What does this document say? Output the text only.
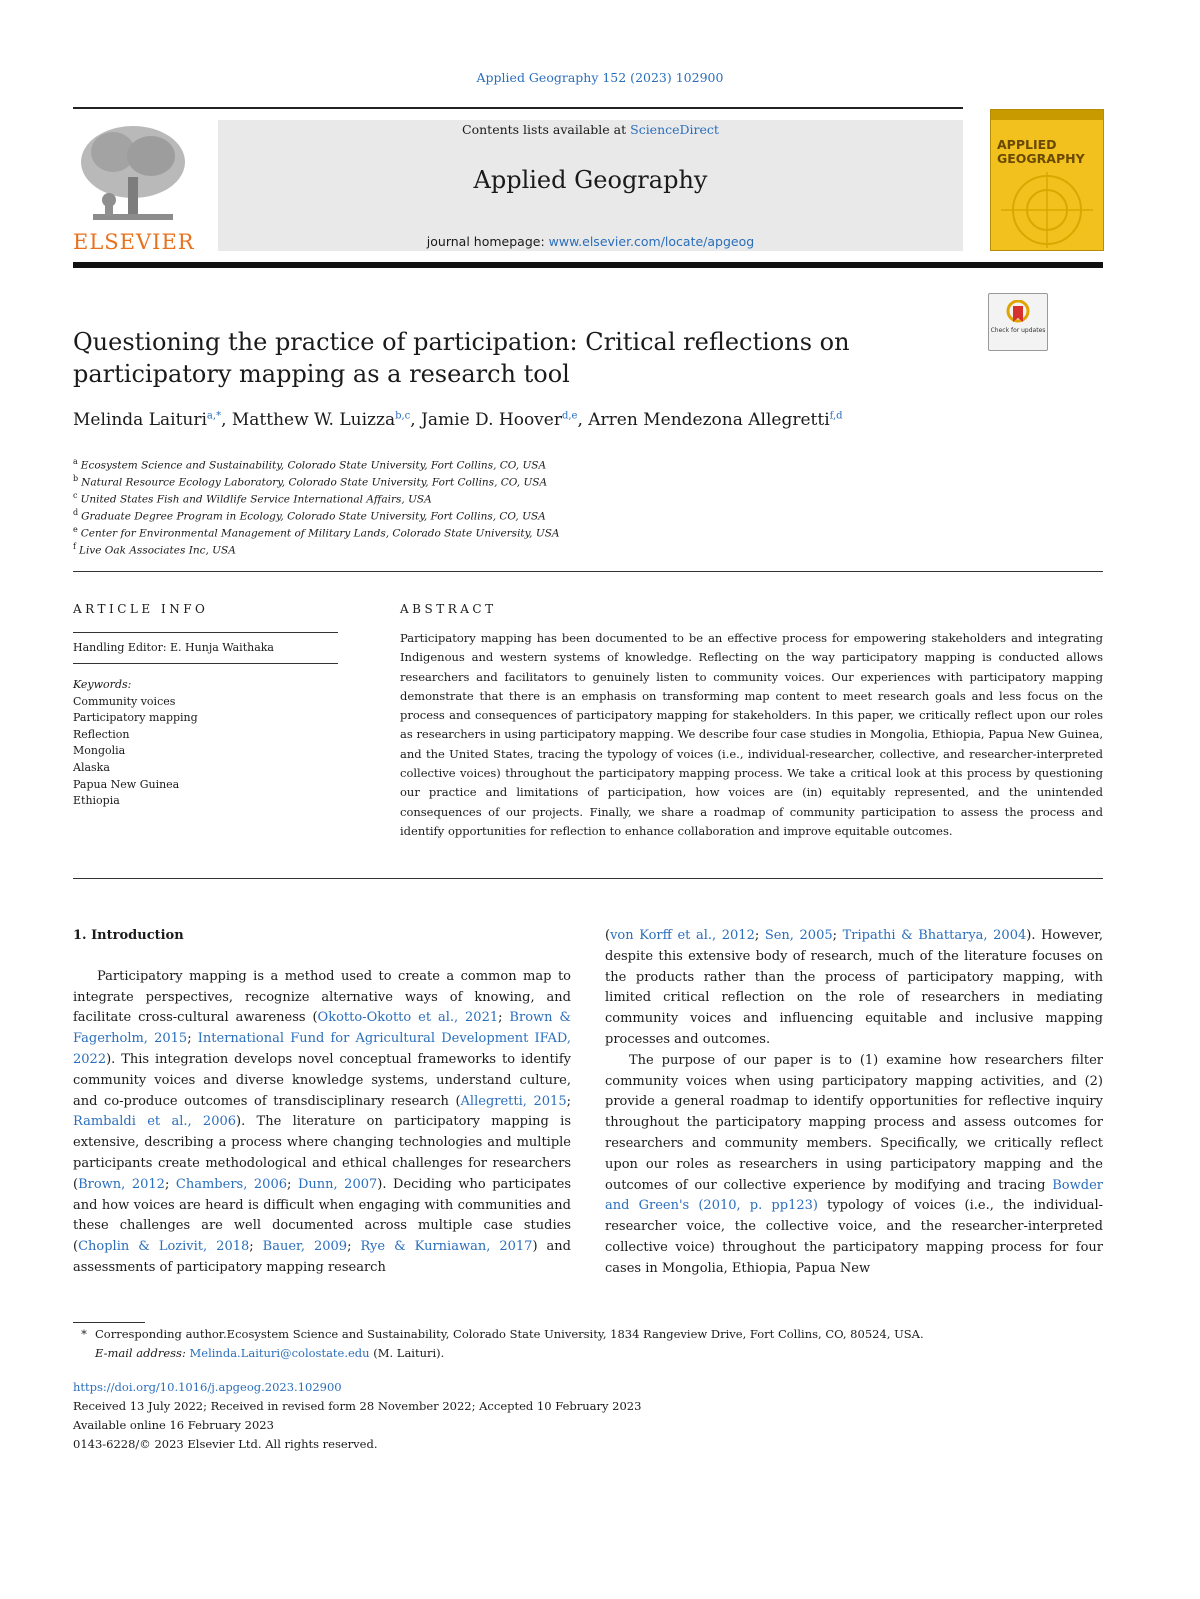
Applied Geography 152 (2023) 102900
ELSEVIER
Contents lists available at ScienceDirect
Applied Geography
journal homepage: www.elsevier.com/locate/apgeog
APPLIED
GEOGRAPHY
Check for updates
Questioning the practice of participation: Critical reflections on participatory mapping as a research tool
Melinda Laituri$^{a,*}$, Matthew W. Luizza$^{b,c}$, Jamie D. Hoover$^{d,e}$, Arren Mendezona Allegretti$^{f,d}$
$^a$ Ecosystem Science and Sustainability, Colorado State University, Fort Collins, CO, USA
$^b$ Natural Resource Ecology Laboratory, Colorado State University, Fort Collins, CO, USA
$^c$ United States Fish and Wildlife Service International Affairs, USA
$^d$ Graduate Degree Program in Ecology, Colorado State University, Fort Collins, CO, USA
$^e$ Center for Environmental Management of Military Lands, Colorado State University, USA
$^f$ Live Oak Associates Inc, USA
ARTICLE INFO
Handling Editor: E. Hunja Waithaka
Keywords:
Community voices
Participatory mapping
Reflection
Mongolia
Alaska
Papua New Guinea
Ethiopia
ABSTRACT
Participatory mapping has been documented to be an effective process for empowering stakeholders and integrating Indigenous and western systems of knowledge. Reflecting on the way participatory mapping is conducted allows researchers and facilitators to genuinely listen to community voices. Our experiences with participatory mapping demonstrate that there is an emphasis on transforming map content to meet research goals and less focus on the process and consequences of participatory mapping for stakeholders. In this paper, we critically reflect upon our roles as researchers in using participatory mapping. We describe four case studies in Mongolia, Ethiopia, Papua New Guinea, and the United States, tracing the typology of voices (i.e., individual-researcher, collective, and researcher-interpreted collective voices) throughout the participatory mapping process. We take a critical look at this process by questioning our practice and limitations of participation, how voices are (in) equitably represented, and the unintended consequences of our projects. Finally, we share a roadmap of community participation to assess the process and identify opportunities for reflection to enhance collaboration and improve equitable outcomes.
1. Introduction

Participatory mapping is a method used to create a common map to integrate perspectives, recognize alternative ways of knowing, and facilitate cross-cultural awareness (Okotto-Okotto et al., 2021; Brown & Fagerholm, 2015; International Fund for Agricultural Development IFAD, 2022). This integration develops novel conceptual frameworks to identify community voices and diverse knowledge systems, understand culture, and co-produce outcomes of transdisciplinary research (Allegretti, 2015; Rambaldi et al., 2006). The literature on participatory mapping is extensive, describing a process where changing technologies and multiple participants create methodological and ethical challenges for researchers (Brown, 2012; Chambers, 2006; Dunn, 2007). Deciding who participates and how voices are heard is difficult when engaging with communities and these challenges are well documented across multiple case studies (Choplin & Lozivit, 2018; Bauer, 2009; Rye & Kurniawan, 2017) and assessments of participatory mapping research

(von Korff et al., 2012; Sen, 2005; Tripathi & Bhattarya, 2004). However, despite this extensive body of research, much of the literature focuses on the products rather than the process of participatory mapping, with limited critical reflection on the role of researchers in mediating community voices and influencing equitable and inclusive mapping processes and outcomes.

The purpose of our paper is to (1) examine how researchers filter community voices when using participatory mapping activities, and (2) provide a general roadmap to identify opportunities for reflective inquiry throughout the participatory mapping process and assess outcomes for researchers and community members. Specifically, we critically reflect upon our roles as researchers in using participatory mapping and the outcomes of our collective experience by modifying and tracing Bowder and Green's (2010, p. pp123) typology of voices (i.e., the individual-researcher voice, the collective voice, and the researcher-interpreted collective voice) throughout the participatory mapping process for four cases in Mongolia, Ethiopia, Papua New

* Corresponding author.Ecosystem Science and Sustainability, Colorado State University, 1834 Rangeview Drive, Fort Collins, CO, 80524, USA.
E-mail address: Melinda.Laituri@colostate.edu (M. Laituri).
https://doi.org/10.1016/j.apgeog.2023.102900
Received 13 July 2022; Received in revised form 28 November 2022; Accepted 10 February 2023
Available online 16 February 2023
0143-6228/© 2023 Elsevier Ltd. All rights reserved.
